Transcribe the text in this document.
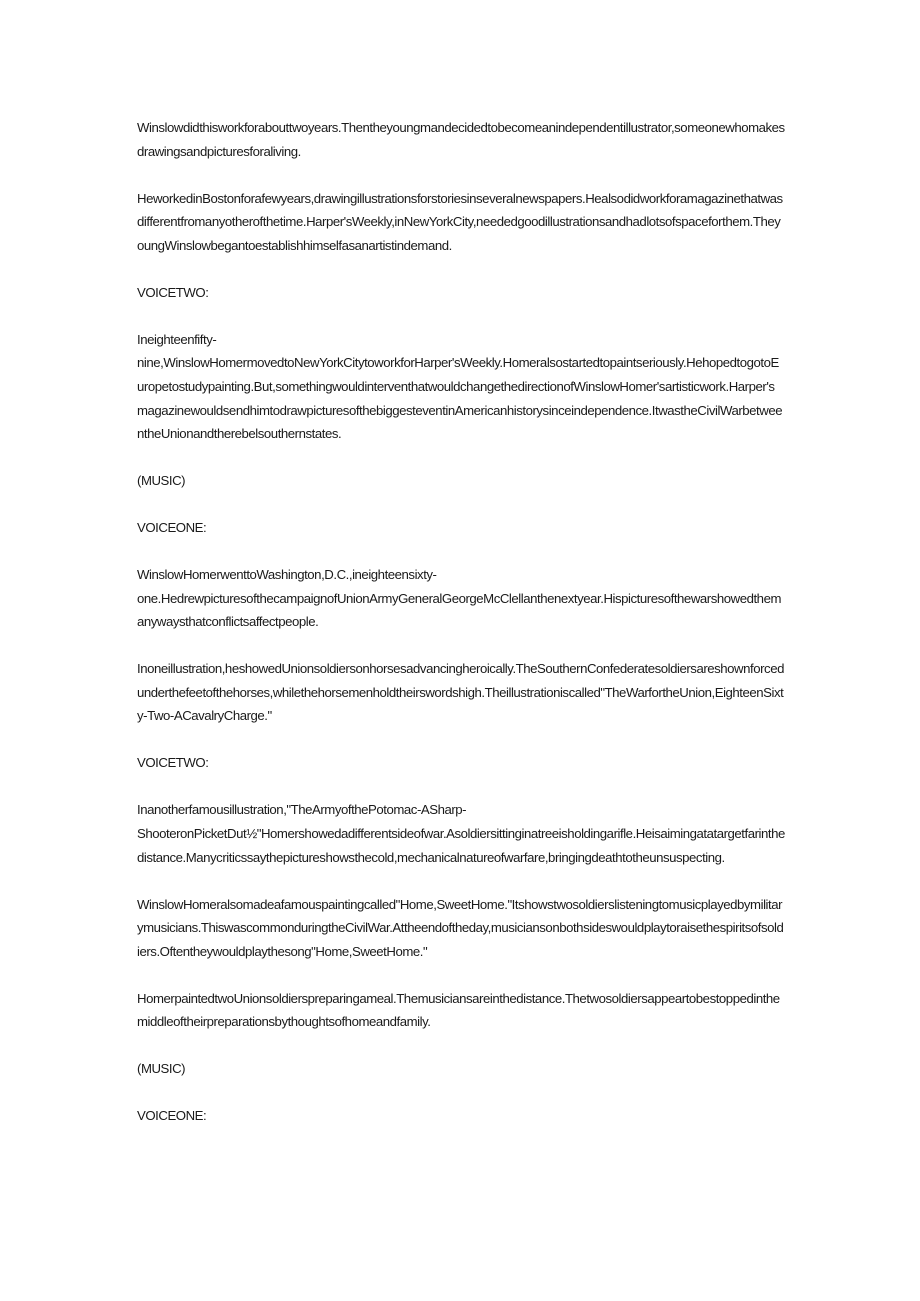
Winslowdidthisworkforabouttwoyears.Thentheyoungmandecidedtobecomeanindependentillustrator,someonewhomakesdrawingsandpicturesforaliving.

HeworkedinBostonforafewyears,drawingillustrationsforstoriesinseveralnewspapers.Healsodidworkforamagazinethatwasdifferentfromanyotherofthetime.Harper'sWeekly,inNewYorkCity,neededgoodillustrationsandhadlotsofspaceforthem.TheyoungWinslowbegantoestablishhimselfasanartistindemand.

VOICETWO:

Ineighteenfifty-
nine,WinslowHomermovedtoNewYorkCitytoworkforHarper'sWeekly.Homeralsostartedtopaintseriously.HehopedtogotoEuropetostudypainting.But,somethingwouldinterventhatwouldchangethedirectionofWinslowHomer'sartisticwork.Harper'smagazinewouldsendhimtodrawpicturesofthebiggesteventinAmericanhistorysinceindependence.ItwastheCivilWarbetweentheUnionandtherebelsouthernstates.

(MUSIC)

VOICEONE:

WinslowHomerwenttoWashington,D.C.,ineighteensixty-
one.HedrewpicturesofthecampaignofUnionArmyGeneralGeorgeMcClellanthenextyear.Hispicturesofthewarshowedthemanywaysthatconflictsaffectpeople.

Inoneillustration,heshowedUnionsoldiersonhorsesadvancingheroically.TheSouthernConfederatesoldiersareshownforcedunderthefeetofthehorses,whilethehorsemenholdtheirswordshigh.Theillustrationiscalled"TheWarfortheUnion,EighteenSixty-Two-ACavalryCharge."

VOICETWO:

Inanotherfamousillustration,"TheArmyofthePotomac-ASharp-
ShooteronPicketDut½"Homershowedadifferentsideofwar.Asoldiersittinginatreeisholdingarifle.Heisaimingatatargetfarinthedistance.Manycriticssaythepictureshowsthecold,mechanicalnatureofwarfare,bringingdeathtotheunsuspecting.

WinslowHomeralsomadeafamouspaintingcalled"Home,SweetHome."Itshowstwosoldierslisteningtomusicplayedbymilitarymusicians.ThiswascommonduringtheCivilWar.Attheendoftheday,musiciansonbothsideswouldplaytoraisethespiritsofsoldiers.Oftentheywouldplaythesong"Home,SweetHome."

HomerpaintedtwoUnionsoldierspreparingameal.Themusiciansareinthedistance.Thetwosoldiersappeartobestoppedinthemiddleoftheirpreparationsbythoughtsofhomeandfamily.

(MUSIC)

VOICEONE:
